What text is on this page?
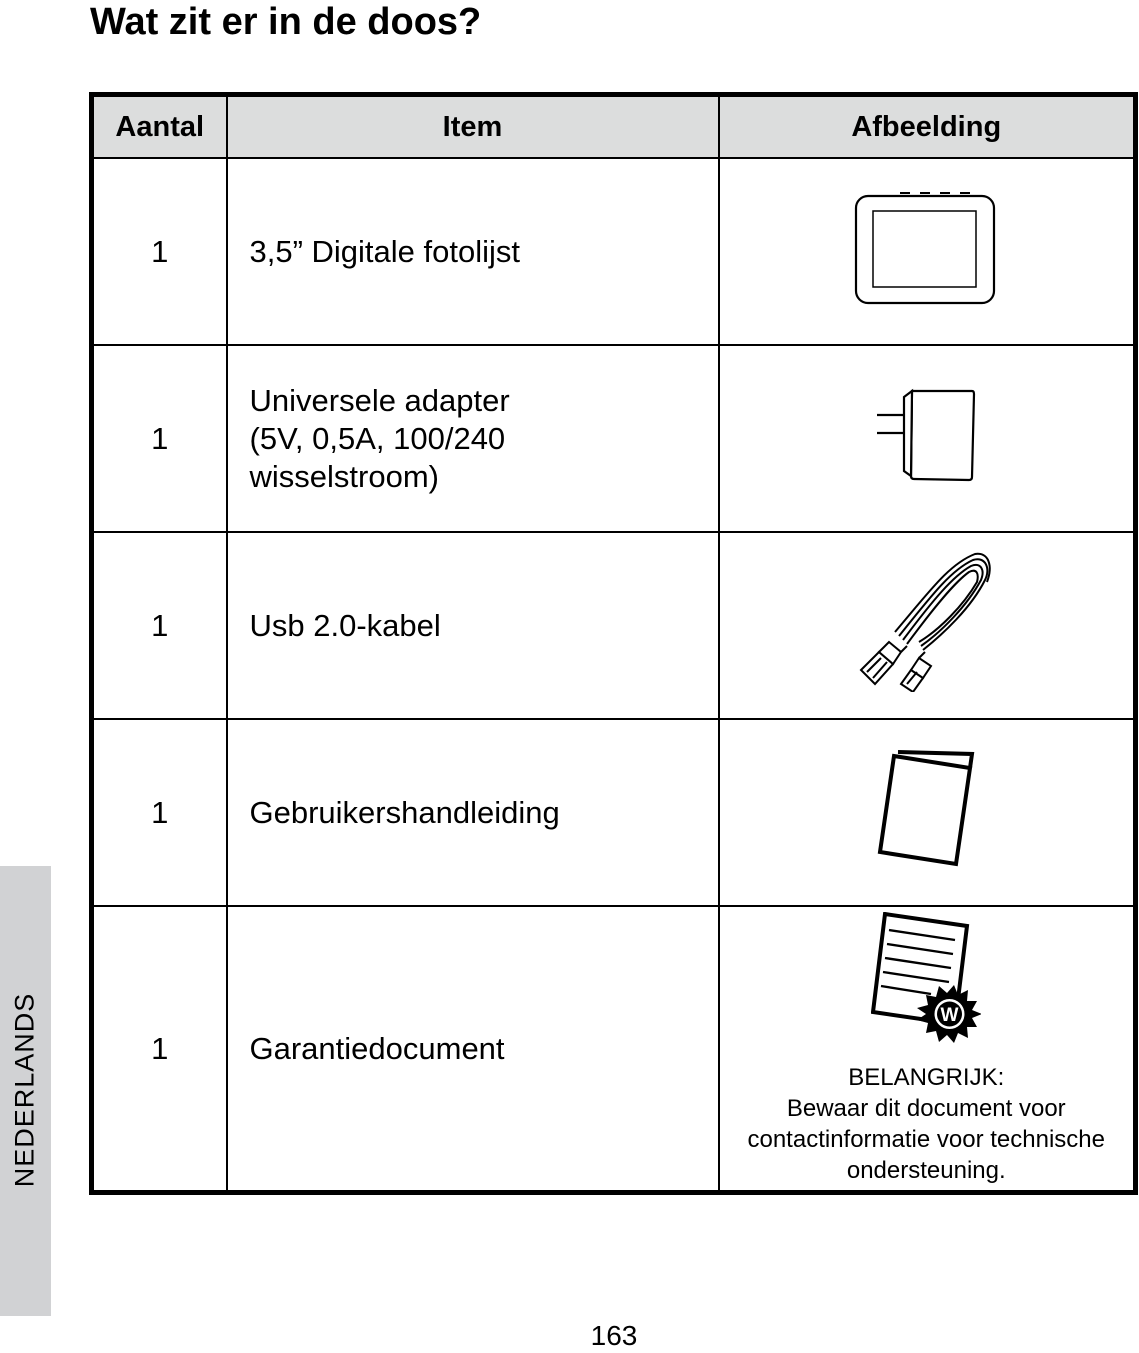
Wat zit er in de doos?
NEDERLANDS
Aantal	Item	Afbeelding
1	3,5” Digitale fotolijst

1	Universele adapter
(5V, 0,5A, 100/240
wisselstroom)

1	Usb 2.0-kabel

1	Gebruikershandleiding

1	Garantiedocument	W
BELANGRIJK:
Bewaar dit document voor
contactinformatie voor technische
ondersteuning.
163
